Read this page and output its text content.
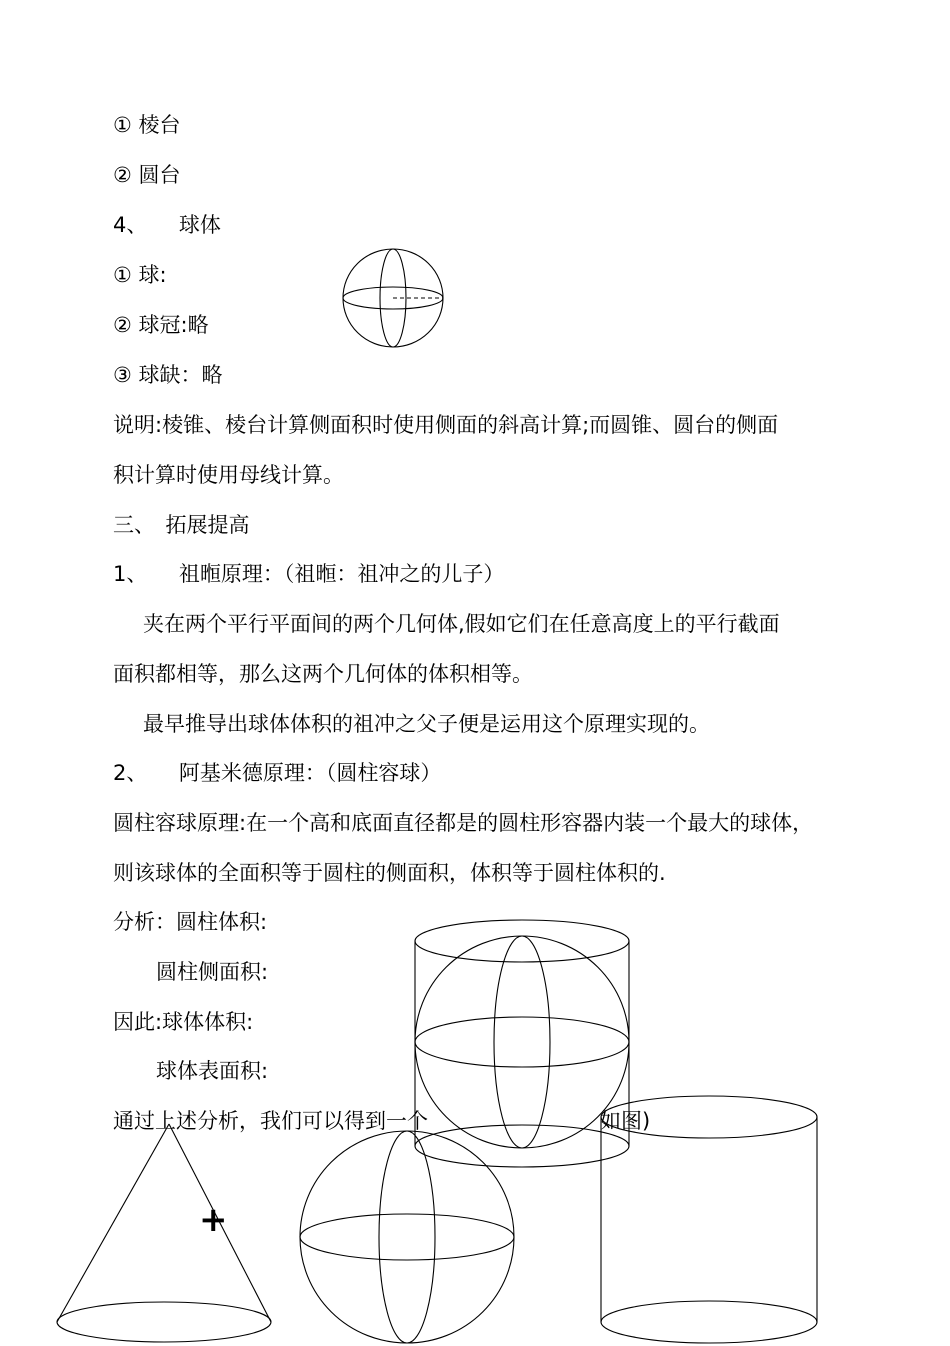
① 棱台
② 圆台
4、　　球体
① 球:
② 球冠:略
③ 球缺：略
说明:棱锥、棱台计算侧面积时使用侧面的斜高计算;而圆锥、圆台的侧面
积计算时使用母线计算。
三、　拓展提高
1、　　祖暅原理：（祖暅：祖冲之的儿子）
夹在两个平行平面间的两个几何体,假如它们在任意高度上的平行截面
面积都相等，那么这两个几何体的体积相等。
最早推导出球体体积的祖冲之父子便是运用这个原理实现的。
2、　　阿基米德原理：（圆柱容球）
圆柱容球原理:在一个高和底面直径都是的圆柱形容器内装一个最大的球体，
则该球体的全面积等于圆柱的侧面积，体积等于圆柱体积的.
分析：圆柱体积:
圆柱侧面积:
因此:球体体积:
球体表面积:
通过上述分析，我们可以得到一个	如图)
+
